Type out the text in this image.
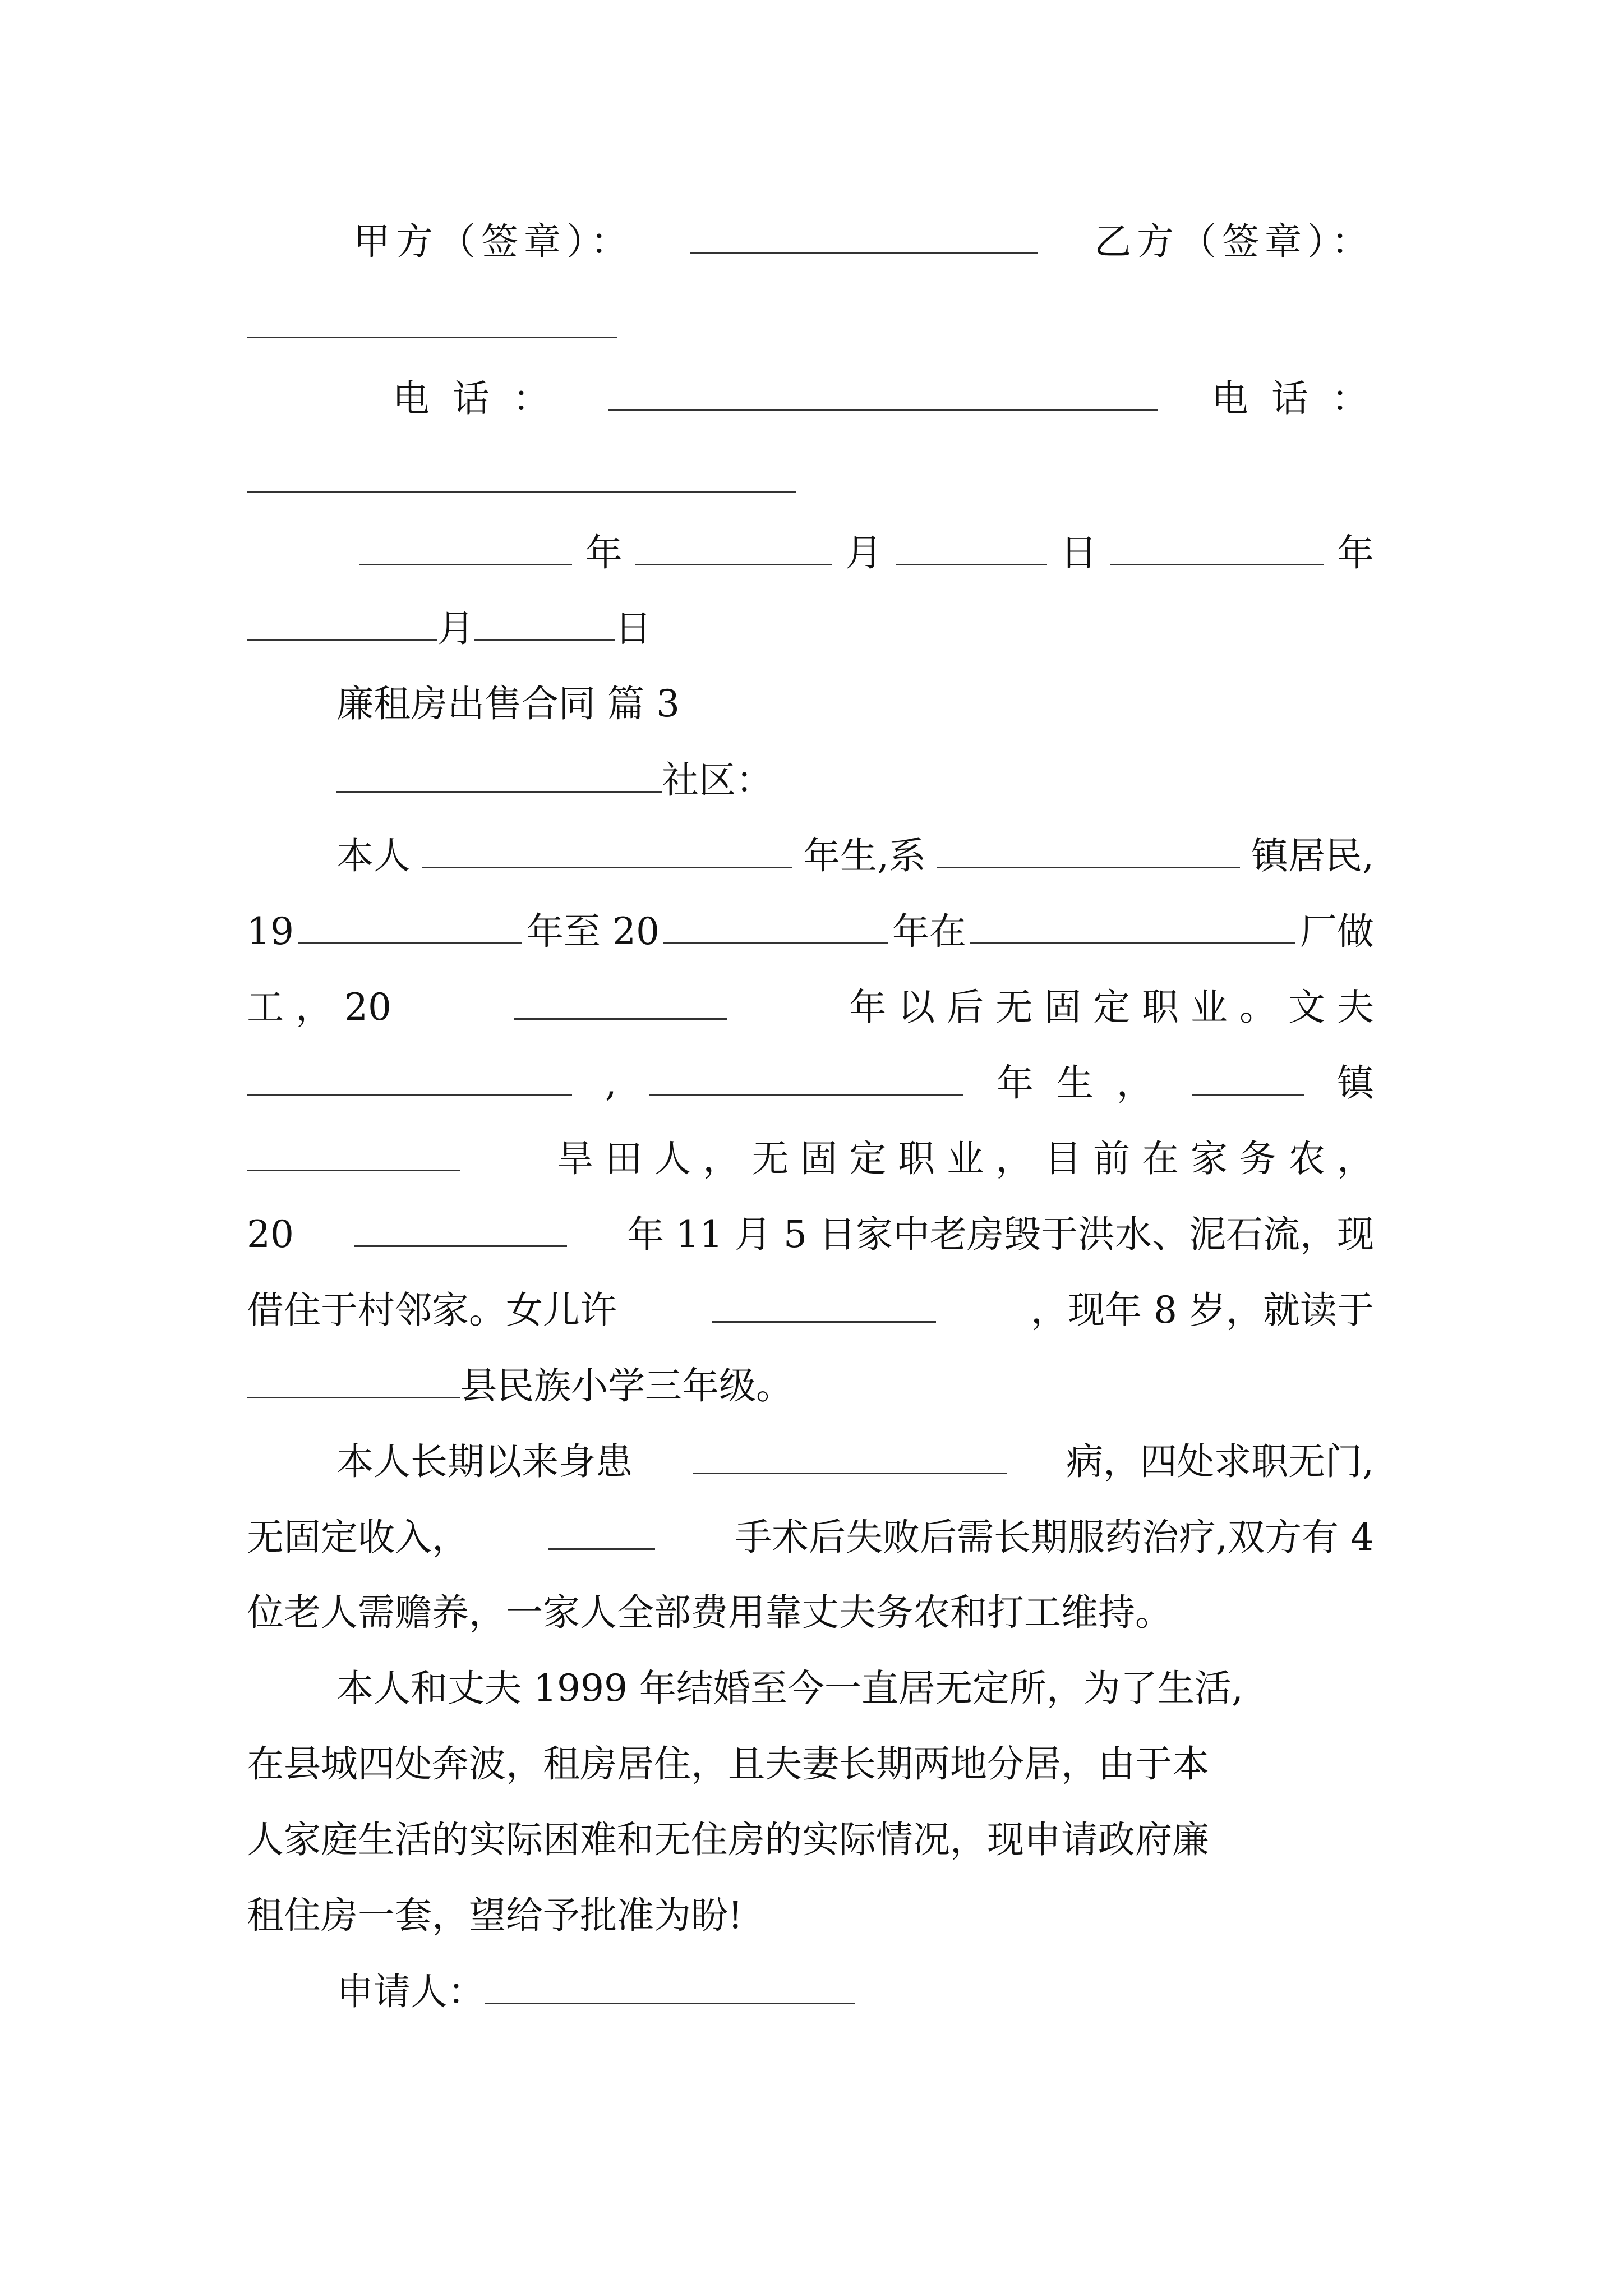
甲方（签章）：	乙方（签章）：
电 话 ：	电 话 ：
年	月	日	年
月	日
廉租房出售合同 篇 3
社区：
本人	年生,系	镇居民,
19	年至 20	年在	厂做
工 ， 20	年 以 后 无 固 定 职 业 。 文 夫
,	年 生 ，	镇
旱 田 人 ， 无 固 定 职 业 ， 目 前 在 家 务 农 ，
20	年 11 月 5 日家中老房毁于洪水、泥石流，现
借住于村邻家。女儿许	，现年 8 岁，就读于
县民族小学三年级。
本人长期以来身患	病，四处求职无门,
无固定收入，	手术后失败后需长期服药治疗,双方有 4
位老人需赡养，一家人全部费用靠丈夫务农和打工维持。
本人和丈夫 1999 年结婚至今一直居无定所，为了生活,
在县城四处奔波，租房居住，且夫妻长期两地分居，由于本
人家庭生活的实际困难和无住房的实际情况，现申请政府廉
租住房一套，望给予批准为盼!
申请人：
